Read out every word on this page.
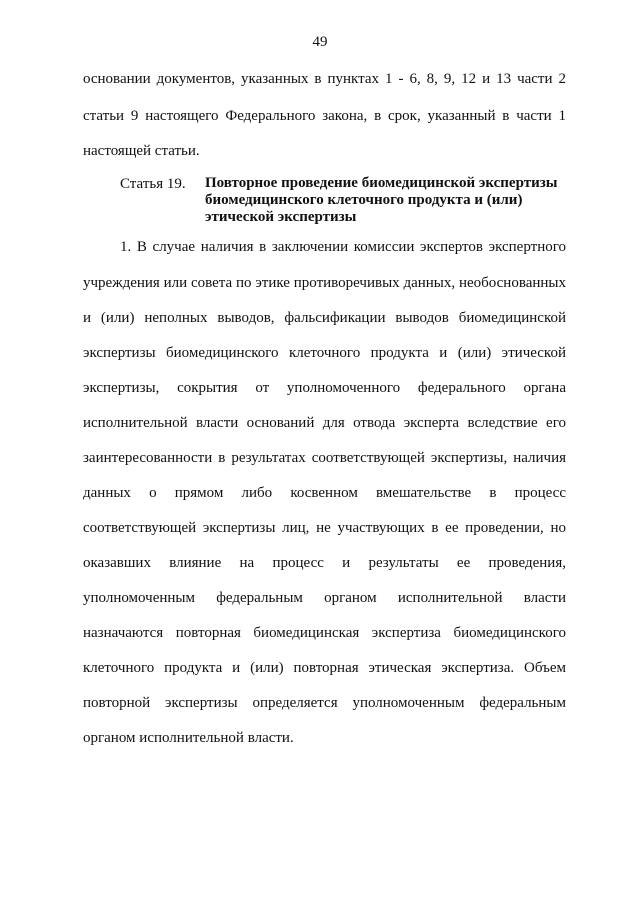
49
основании документов, указанных в пунктах 1 - 6, 8, 9, 12 и 13 части 2
статьи 9 настоящего Федерального закона, в срок, указанный в части 1
настоящей статьи.
Статья 19. Повторное проведение биомедицинской экспертизы
биомедицинского клеточного продукта и (или)
этической экспертизы
1. В случае наличия в заключении комиссии экспертов экспертного
учреждения или совета по этике противоречивых данных, необоснованных
и (или) неполных выводов, фальсификации выводов биомедицинской
экспертизы биомедицинского клеточного продукта и (или) этической
экспертизы, сокрытия от уполномоченного федерального органа
исполнительной власти оснований для отвода эксперта вследствие его
заинтересованности в результатах соответствующей экспертизы, наличия
данных о прямом либо косвенном вмешательстве в процесс
соответствующей экспертизы лиц, не участвующих в ее проведении, но
оказавших влияние на процесс и результаты ее проведения,
уполномоченным федеральным органом исполнительной власти
назначаются повторная биомедицинская экспертиза биомедицинского
клеточного продукта и (или) повторная этическая экспертиза. Объем
повторной экспертизы определяется уполномоченным федеральным
органом исполнительной власти.
